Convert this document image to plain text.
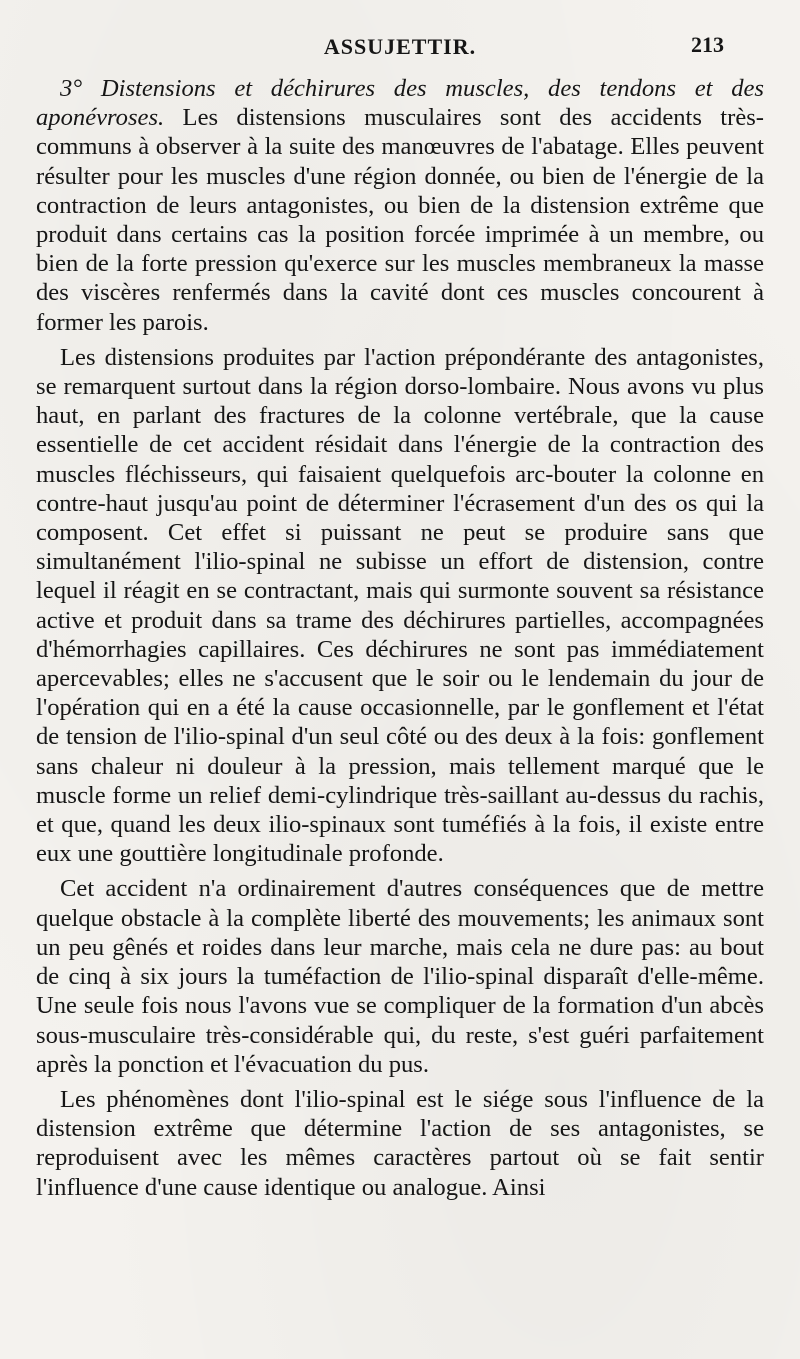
ASSUJETTIR.	213

3° Distensions et déchirures des muscles, des tendons et des aponévroses. Les distensions musculaires sont des accidents très-communs à observer à la suite des manœuvres de l'abatage. Elles peuvent résulter pour les muscles d'une région donnée, ou bien de l'énergie de la contraction de leurs antagonistes, ou bien de la distension extrême que produit dans certains cas la position forcée imprimée à un membre, ou bien de la forte pression qu'exerce sur les muscles membraneux la masse des viscères renfermés dans la cavité dont ces muscles concourent à former les parois.

Les distensions produites par l'action prépondérante des antagonistes, se remarquent surtout dans la région dorso-lombaire. Nous avons vu plus haut, en parlant des fractures de la colonne vertébrale, que la cause essentielle de cet accident résidait dans l'énergie de la contraction des muscles fléchisseurs, qui faisaient quelquefois arc-bouter la colonne en contre-haut jusqu'au point de déterminer l'écrasement d'un des os qui la composent. Cet effet si puissant ne peut se produire sans que simultanément l'ilio-spinal ne subisse un effort de distension, contre lequel il réagit en se contractant, mais qui surmonte souvent sa résistance active et produit dans sa trame des déchirures partielles, accompagnées d'hémorrhagies capillaires. Ces déchirures ne sont pas immédiatement apercevables; elles ne s'accusent que le soir ou le lendemain du jour de l'opération qui en a été la cause occasionnelle, par le gonflement et l'état de tension de l'ilio-spinal d'un seul côté ou des deux à la fois: gonflement sans chaleur ni douleur à la pression, mais tellement marqué que le muscle forme un relief demi-cylindrique très-saillant au-dessus du rachis, et que, quand les deux ilio-spinaux sont tuméfiés à la fois, il existe entre eux une gouttière longitudinale profonde.

Cet accident n'a ordinairement d'autres conséquences que de mettre quelque obstacle à la complète liberté des mouvements; les animaux sont un peu gênés et roides dans leur marche, mais cela ne dure pas: au bout de cinq à six jours la tuméfaction de l'ilio-spinal disparaît d'elle-même. Une seule fois nous l'avons vue se compliquer de la formation d'un abcès sous-musculaire très-considérable qui, du reste, s'est guéri parfaitement après la ponction et l'évacuation du pus.

Les phénomènes dont l'ilio-spinal est le siége sous l'influence de la distension extrême que détermine l'action de ses antagonistes, se reproduisent avec les mêmes caractères partout où se fait sentir l'influence d'une cause identique ou analogue. Ainsi
